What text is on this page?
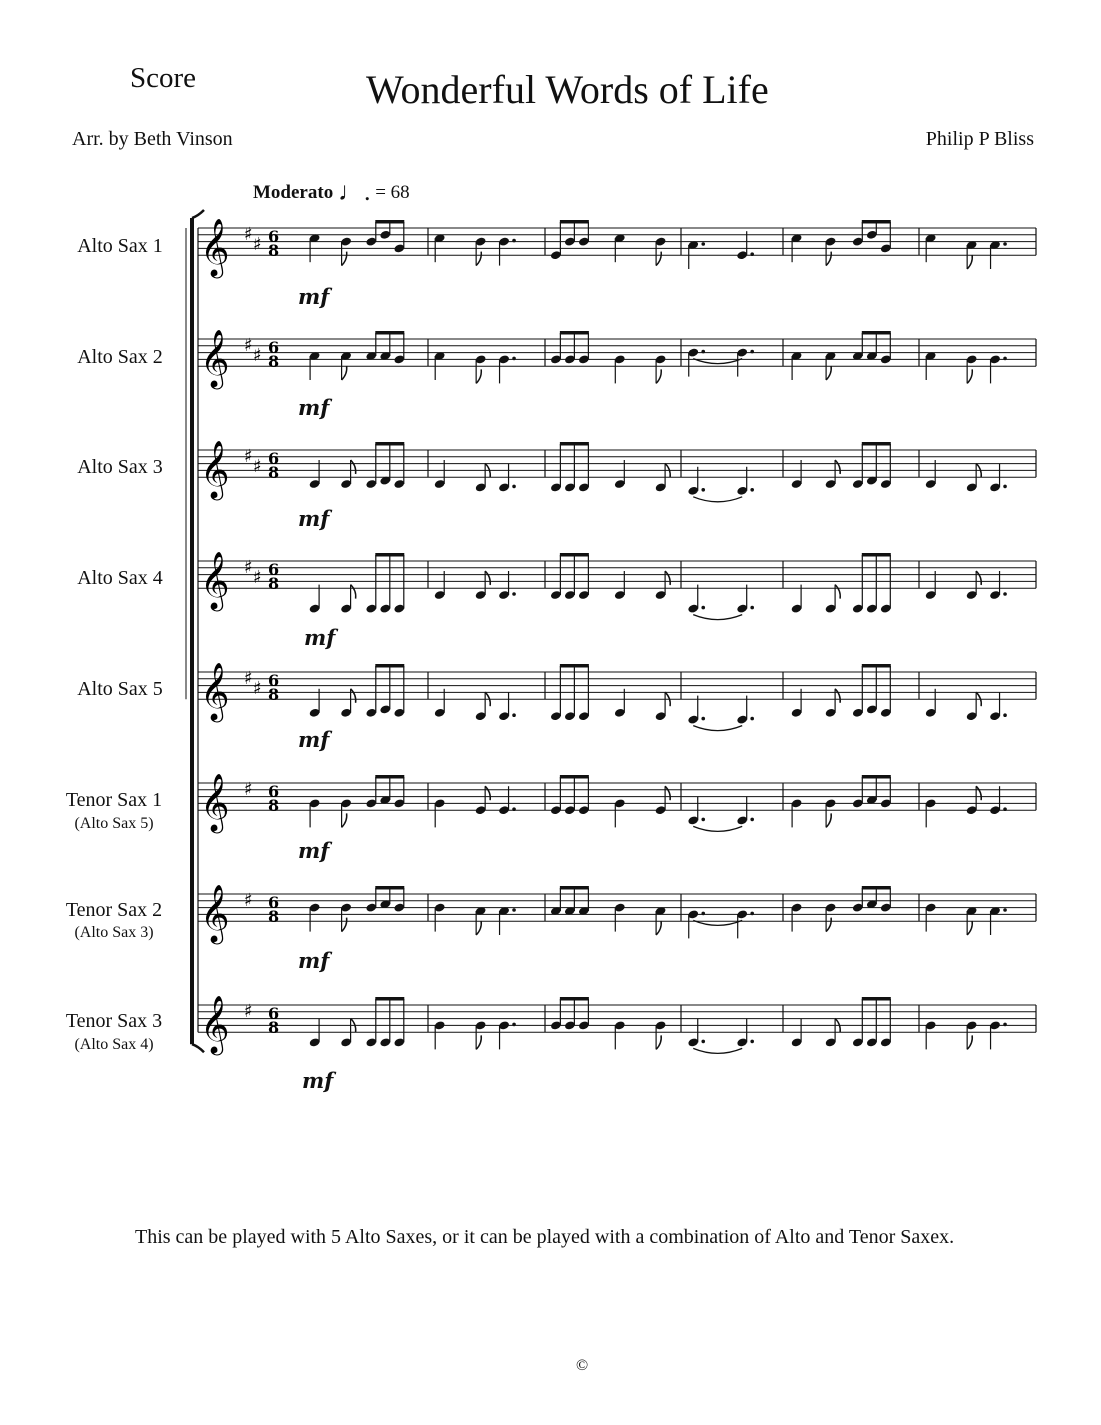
Score	Wonderful Words of Life
Arr. by Beth Vinson	Philip P Bliss
Moderato ♩. = 68
Alto Sax 1
Alto Sax 2
Alto Sax 3
Alto Sax 4
Alto Sax 5
Tenor Sax 1
(Alto Sax 5)
Tenor Sax 2
(Alto Sax 3)
Tenor Sax 3
(Alto Sax 4)
mf
mf
mf
mf
mf
mf
mf
mf
𝄞 ♯ ♯ 6
8
𝄞 ♯ ♯ 6
8
𝄞 ♯ ♯ 6
8
𝄞 ♯ ♯ 6
8
𝄞 ♯ ♯ 6
8
𝄞 ♯ 6
8
𝄞 ♯ 6
8
𝄞 ♯ 6
8
This can be played with 5 Alto Saxes, or it can be played with a combination of Alto and Tenor Saxex.
©
